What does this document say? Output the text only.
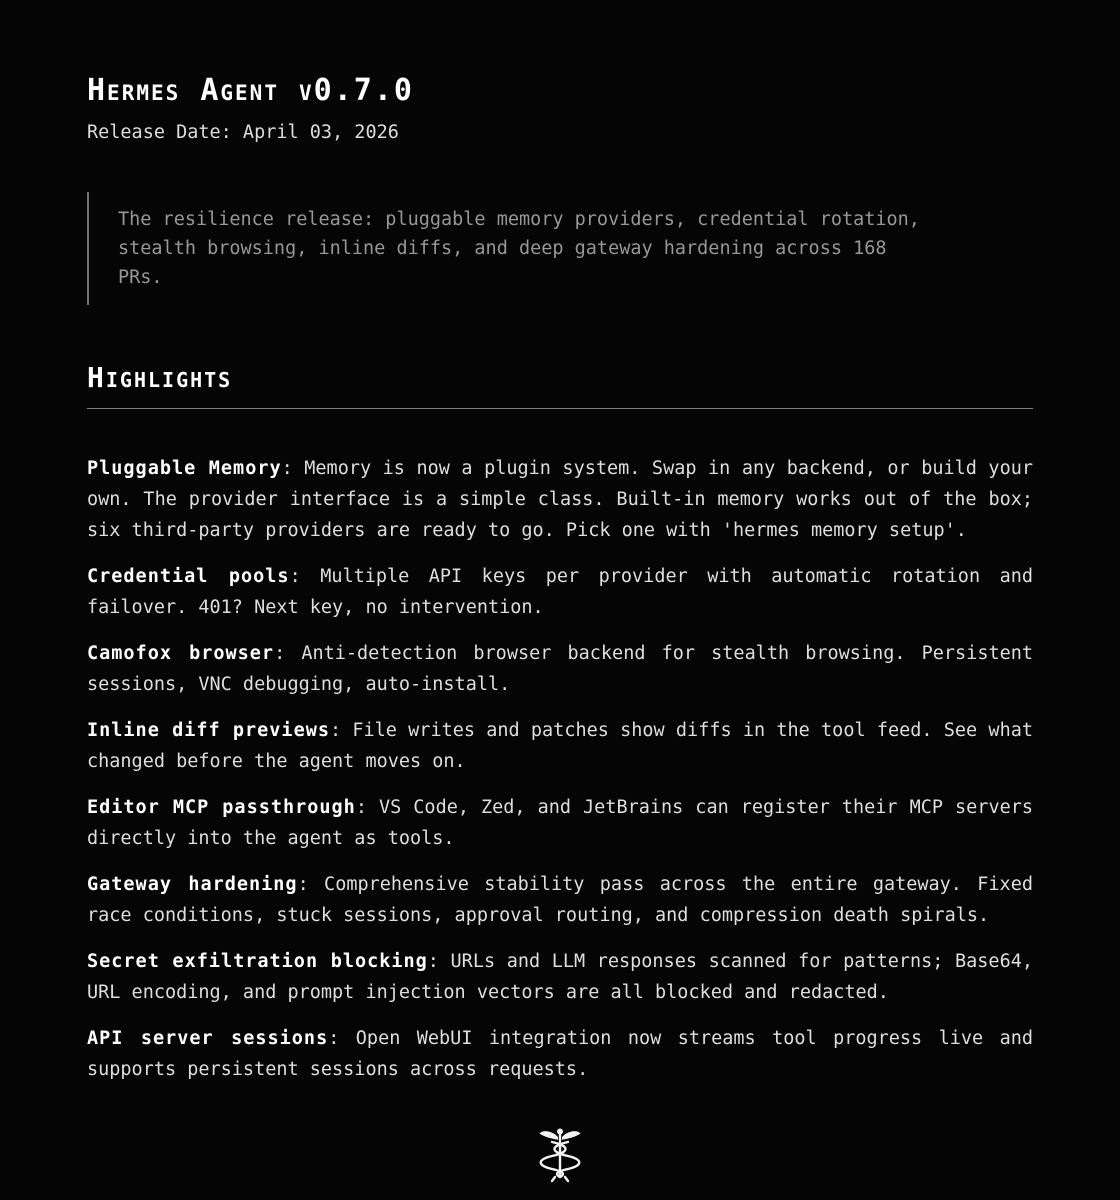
Hermes Agent v0.7.0
Release Date: April 03, 2026
The resilience release: pluggable memory providers, credential rotation, stealth browsing, inline diffs, and deep gateway hardening across 168 PRs.
Highlights

Pluggable Memory: Memory is now a plugin system. Swap in any backend, or build your own. The provider interface is a simple class. Built-in memory works out of the box; six third-party providers are ready to go. Pick one with 'hermes memory setup'.

Credential pools: Multiple API keys per provider with automatic rotation and failover. 401? Next key, no intervention.

Camofox browser: Anti-detection browser backend for stealth browsing. Persistent sessions, VNC debugging, auto-install.

Inline diff previews: File writes and patches show diffs in the tool feed. See what changed before the agent moves on.

Editor MCP passthrough: VS Code, Zed, and JetBrains can register their MCP servers directly into the agent as tools.

Gateway hardening: Comprehensive stability pass across the entire gateway. Fixed race conditions, stuck sessions, approval routing, and compression death spirals.

Secret exfiltration blocking: URLs and LLM responses scanned for patterns; Base64, URL encoding, and prompt injection vectors are all blocked and redacted.

API server sessions: Open WebUI integration now streams tool progress live and supports persistent sessions across requests.
